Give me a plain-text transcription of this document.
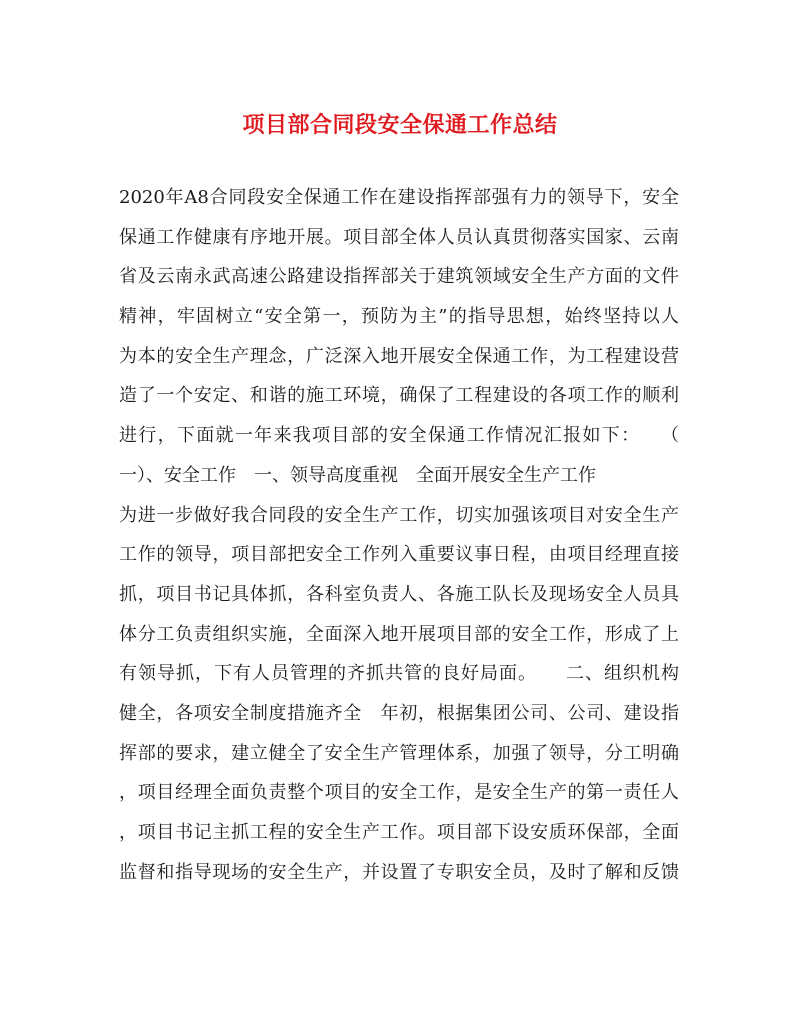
项目部合同段安全保通工作总结
2020年A8合同段安全保通工作在建设指挥部强有力的领导下，安全
保通工作健康有序地开展。项目部全体人员认真贯彻落实国家、云南
省及云南永武高速公路建设指挥部关于建筑领域安全生产方面的文件
精神，牢固树立“安全第一，预防为主”的指导思想，始终坚持以人
为本的安全生产理念，广泛深入地开展安全保通工作，为工程建设营
造了一个安定、和谐的施工环境，确保了工程建设的各项工作的顺利
进行，下面就一年来我项目部的安全保通工作情况汇报如下：　　（
一）、安全工作　一、领导高度重视　全面开展安全生产工作
为进一步做好我合同段的安全生产工作，切实加强该项目对安全生产
工作的领导，项目部把安全工作列入重要议事日程，由项目经理直接
抓，项目书记具体抓，各科室负责人、各施工队长及现场安全人员具
体分工负责组织实施，全面深入地开展项目部的安全工作，形成了上
有领导抓，下有人员管理的齐抓共管的良好局面。　　二、组织机构
健全，各项安全制度措施齐全　年初，根据集团公司、公司、建设指
挥部的要求，建立健全了安全生产管理体系，加强了领导，分工明确
，项目经理全面负责整个项目的安全工作，是安全生产的第一责任人
，项目书记主抓工程的安全生产工作。项目部下设安质环保部，全面
监督和指导现场的安全生产，并设置了专职安全员，及时了解和反馈
